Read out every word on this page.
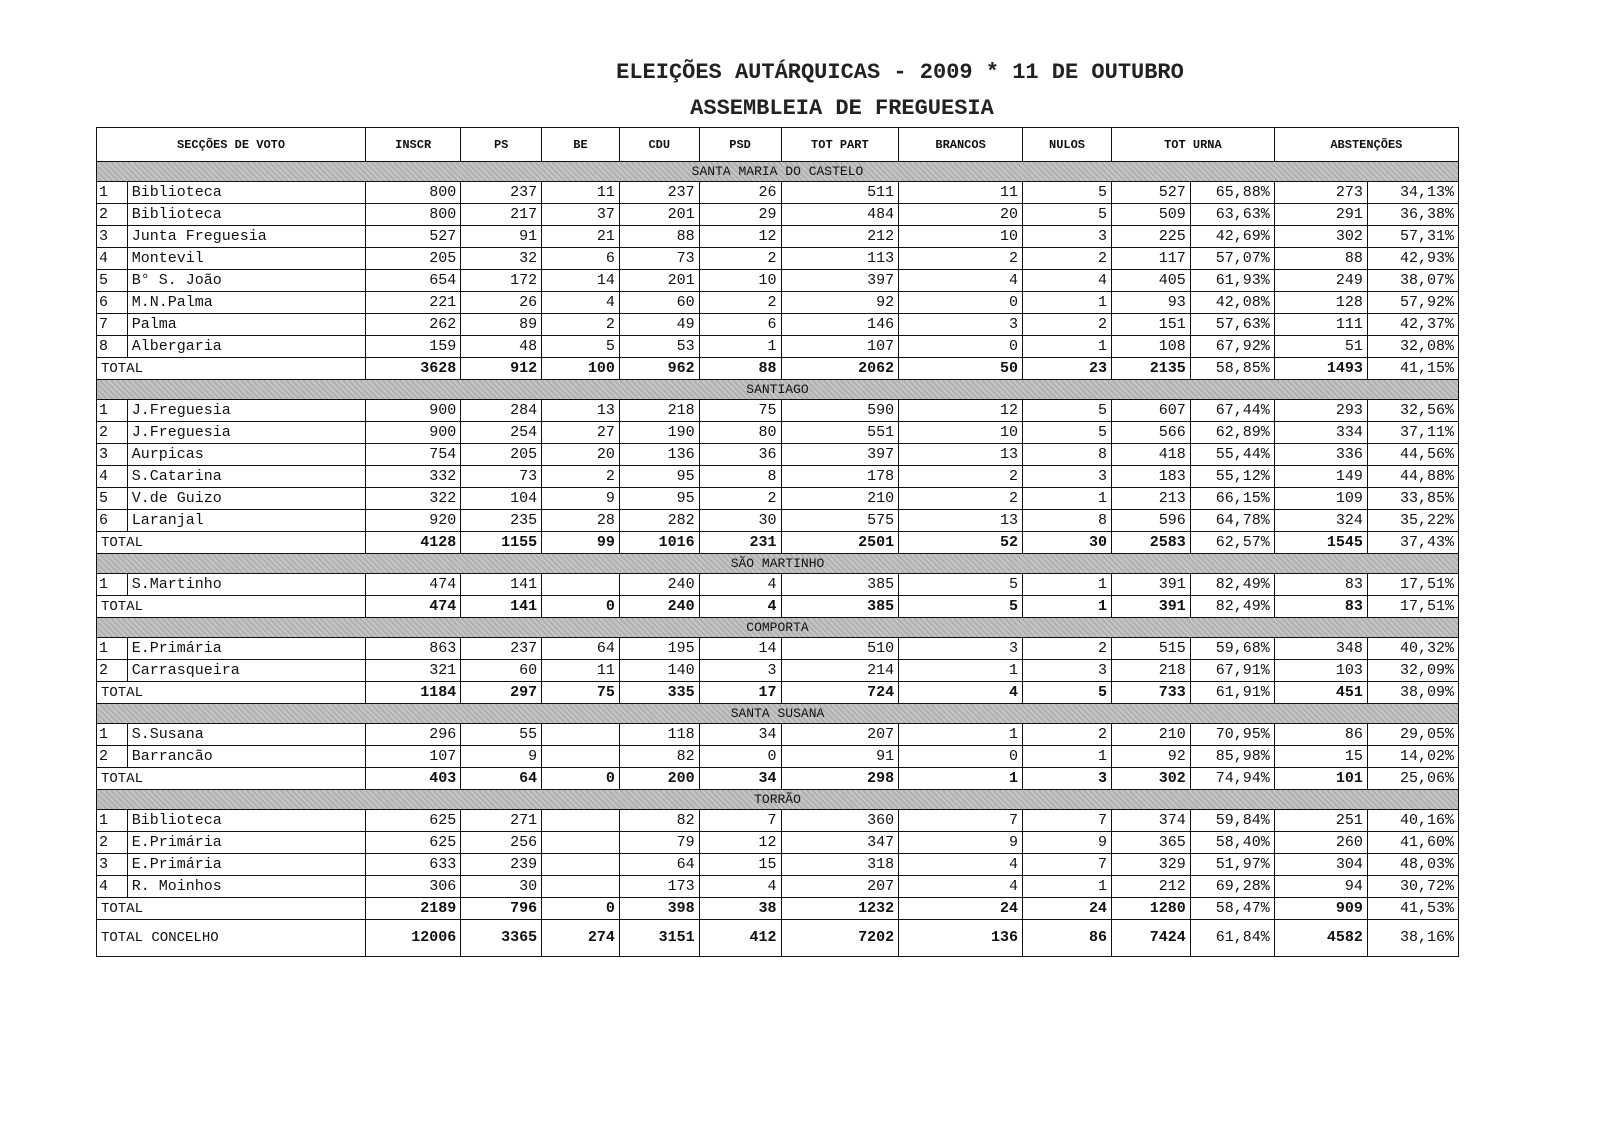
ELEIÇÕES AUTÁRQUICAS - 2009 * 11 DE OUTUBRO
ASSEMBLEIA DE FREGUESIA
SECÇÕES DE VOTO		INSCR	PS	BE	CDU	PSD	TOT PART	BRANCOS	NULOS	TOT URNA		ABSTENÇÕES	
SANTA MARIA DO CASTELO													
1	Biblioteca	800	237	11	237	26	511	11	5	527	65,88%	273	34,13%
2	Biblioteca	800	217	37	201	29	484	20	5	509	63,63%	291	36,38%
3	Junta Freguesia	527	91	21	88	12	212	10	3	225	42,69%	302	57,31%
4	Montevil	205	32	6	73	2	113	2	2	117	57,07%	88	42,93%
5	B° S. João	654	172	14	201	10	397	4	4	405	61,93%	249	38,07%
6	M.N.Palma	221	26	4	60	2	92	0	1	93	42,08%	128	57,92%
7	Palma	262	89	2	49	6	146	3	2	151	57,63%	111	42,37%
8	Albergaria	159	48	5	53	1	107	0	1	108	67,92%	51	32,08%
TOTAL		3628	912	100	962	88	2062	50	23	2135	58,85%	1493	41,15%
SANTIAGO													
1	J.Freguesia	900	284	13	218	75	590	12	5	607	67,44%	293	32,56%
2	J.Freguesia	900	254	27	190	80	551	10	5	566	62,89%	334	37,11%
3	Aurpicas	754	205	20	136	36	397	13	8	418	55,44%	336	44,56%
4	S.Catarina	332	73	2	95	8	178	2	3	183	55,12%	149	44,88%
5	V.de Guizo	322	104	9	95	2	210	2	1	213	66,15%	109	33,85%
6	Laranjal	920	235	28	282	30	575	13	8	596	64,78%	324	35,22%
TOTAL		4128	1155	99	1016	231	2501	52	30	2583	62,57%	1545	37,43%
SÃO MARTINHO													
1	S.Martinho	474	141		240	4	385	5	1	391	82,49%	83	17,51%
TOTAL		474	141	0	240	4	385	5	1	391	82,49%	83	17,51%
COMPORTA													
1	E.Primária	863	237	64	195	14	510	3	2	515	59,68%	348	40,32%
2	Carrasqueira	321	60	11	140	3	214	1	3	218	67,91%	103	32,09%
TOTAL		1184	297	75	335	17	724	4	5	733	61,91%	451	38,09%
SANTA SUSANA													
1	S.Susana	296	55		118	34	207	1	2	210	70,95%	86	29,05%
2	Barrancão	107	9		82	0	91	0	1	92	85,98%	15	14,02%
TOTAL		403	64	0	200	34	298	1	3	302	74,94%	101	25,06%
TORRÃO													
1	Biblioteca	625	271		82	7	360	7	7	374	59,84%	251	40,16%
2	E.Primária	625	256		79	12	347	9	9	365	58,40%	260	41,60%
3	E.Primária	633	239		64	15	318	4	7	329	51,97%	304	48,03%
4	R. Moinhos	306	30		173	4	207	4	1	212	69,28%	94	30,72%
TOTAL		2189	796	0	398	38	1232	24	24	1280	58,47%	909	41,53%
TOTAL CONCELHO		12006	3365	274	3151	412	7202	136	86	7424	61,84%	4582	38,16%
